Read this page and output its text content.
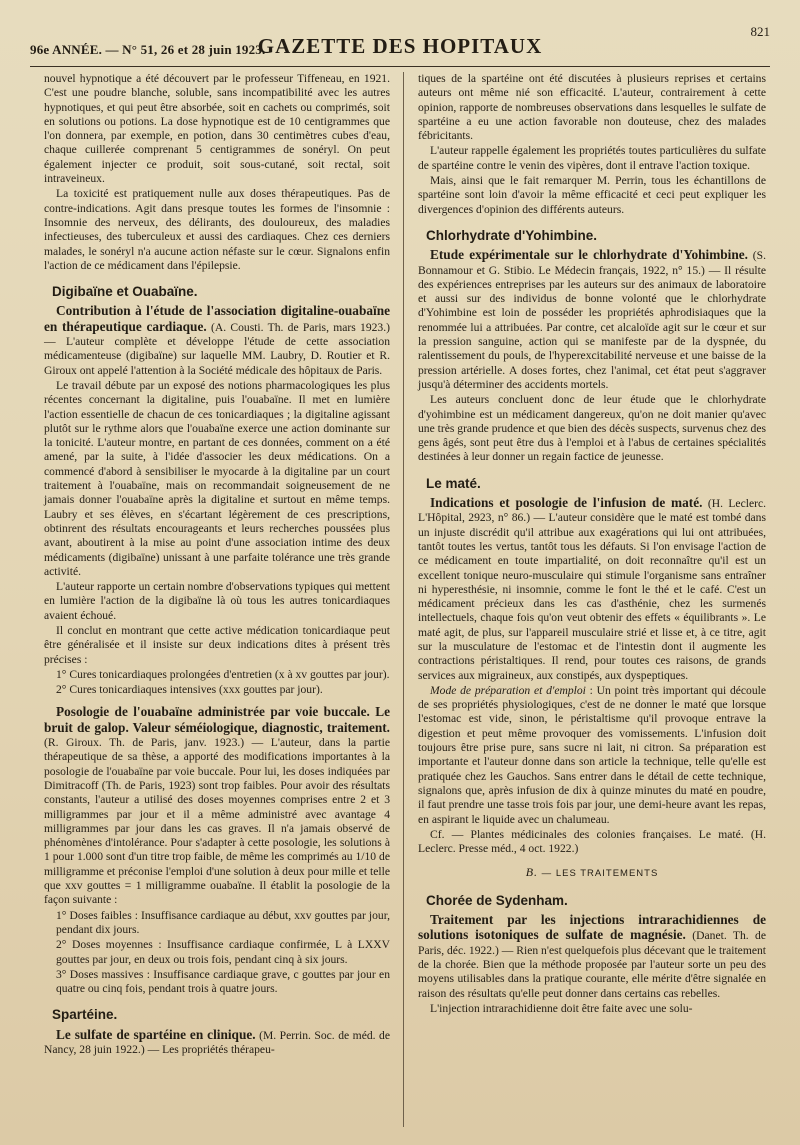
96e ANNÉE. — N° 51, 26 et 28 juin 1923.
GAZETTE DES HOPITAUX
821

nouvel hypnotique a été découvert par le professeur Tiffeneau, en 1921. C'est une poudre blanche, soluble, sans incompatibilité avec les autres hypnotiques, et qui peut être absorbée, soit en cachets ou comprimés, soit en solutions ou potions. La dose hypnotique est de 10 centigrammes que l'on donnera, par exemple, en potion, dans 30 centimètres cubes d'eau, chaque cuillerée comprenant 5 centigrammes de sonéryl. On peut également injecter ce produit, soit sous-cutané, soit rectal, soit intraveineux.

La toxicité est pratiquement nulle aux doses thérapeutiques. Pas de contre-indications. Agit dans presque toutes les formes de l'insomnie : Insomnie des nerveux, des délirants, des douloureux, des maladies infectieuses, des tuberculeux et aussi des cardiaques. Chez ces derniers malades, le sonéryl n'a aucune action néfaste sur le cœur. Signalons enfin l'action de ce médicament dans l'épilepsie.

Digibaïne et Ouabaïne.

Contribution à l'étude de l'association digitaline-ouabaïne en thérapeutique cardiaque. (A. Cousti. Th. de Paris, mars 1923.) — L'auteur complète et développe l'étude de cette association médicamenteuse (digibaïne) sur laquelle MM. Laubry, D. Routier et R. Giroux ont appelé l'attention à la Société médicale des hôpitaux de Paris.

Le travail débute par un exposé des notions pharmacologiques les plus récentes concernant la digitaline, puis l'ouabaïne. Il met en lumière l'action essentielle de chacun de ces tonicardiaques ; la digitaline agissant plutôt sur le rythme alors que l'ouabaïne exerce une action dominante sur la tonicité. L'auteur montre, en partant de ces données, comment on a été amené, par la suite, à l'idée d'associer les deux médications. On a commencé d'abord à sensibiliser le myocarde à la digitaline par un court traitement à l'ouabaïne, mais on recommandait soigneusement de ne jamais donner l'ouabaïne après la digitaline et surtout en même temps. Laubry et ses élèves, en s'écartant légèrement de ces prescriptions, obtinrent des résultats encourageants et leurs recherches poussées plus avant, aboutirent à la mise au point d'une association intime des deux médicaments (digibaïne) unissant à une parfaite tolérance une très grande activité.

L'auteur rapporte un certain nombre d'observations typiques qui mettent en lumière l'action de la digibaïne là où tous les autres tonicardiaques avaient échoué.

Il conclut en montrant que cette active médication tonicardiaque peut être généralisée et il insiste sur deux indications dites à présent très précises :

1° Cures tonicardiaques prolongées d'entretien (x à xv gouttes par jour).

2° Cures tonicardiaques intensives (xxx gouttes par jour).

Posologie de l'ouabaïne administrée par voie buccale. Le bruit de galop. Valeur séméiologique, diagnostic, traitement. (R. Giroux. Th. de Paris, janv. 1923.) — L'auteur, dans la partie thérapeutique de sa thèse, a apporté des modifications importantes à la posologie de l'ouabaïne par voie buccale. Pour lui, les doses indiquées par Dimitracoff (Th. de Paris, 1923) sont trop faibles. Pour avoir des résultats constants, l'auteur a utilisé des doses moyennes comprises entre 2 et 3 milligrammes par jour et il a même administré avec avantage 4 milligrammes par jour dans les cas graves. Il n'a jamais observé de phénomènes d'intolérance. Pour s'adapter à cette posologie, les solutions à 1 pour 1.000 sont d'un titre trop faible, de même les comprimés au 1/10 de milligramme et préconise l'emploi d'une solution à deux pour mille et telle que xxv gouttes = 1 milligramme ouabaïne. Il établit la posologie de la façon suivante :

1° Doses faibles : Insuffisance cardiaque au début, xxv gouttes par jour, pendant dix jours.

2° Doses moyennes : Insuffisance cardiaque confirmée, L à LXXV gouttes par jour, en deux ou trois fois, pendant cinq à six jours.

3° Doses massives : Insuffisance cardiaque grave, c gouttes par jour en quatre ou cinq fois, pendant trois à quatre jours.

Spartéine.

Le sulfate de spartéine en clinique. (M. Perrin. Soc. de méd. de Nancy, 28 juin 1922.) — Les propriétés thérapeu-

tiques de la spartéine ont été discutées à plusieurs reprises et certains auteurs ont même nié son efficacité. L'auteur, contrairement à cette opinion, rapporte de nombreuses observations dans lesquelles le sulfate de spartéine a eu une action favorable non douteuse, chez des malades fébricitants.

L'auteur rappelle également les propriétés toutes particulières du sulfate de spartéine contre le venin des vipères, dont il entrave l'action toxique.

Mais, ainsi que le fait remarquer M. Perrin, tous les échantillons de spartéine sont loin d'avoir la même efficacité et ceci peut expliquer les divergences d'opinion des différents auteurs.

Chlorhydrate d'Yohimbine.

Etude expérimentale sur le chlorhydrate d'Yohimbine. (S. Bonnamour et G. Stibio. Le Médecin français, 1922, n° 15.) — Il résulte des expériences entreprises par les auteurs sur des animaux de laboratoire et aussi sur des individus de bonne volonté que le chlorhydrate d'Yohimbine est loin de posséder les propriétés aphrodisiaques que la renommée lui a attribuées. Par contre, cet alcaloïde agit sur le cœur et sur la pression sanguine, action qui se manifeste par de la dyspnée, du ralentissement du pouls, de l'hyperexcitabilité nerveuse et une baisse de la pression artérielle. A doses fortes, chez l'animal, cet état peut s'aggraver jusqu'à déterminer des accidents mortels.

Les auteurs concluent donc de leur étude que le chlorhydrate d'yohimbine est un médicament dangereux, qu'on ne doit manier qu'avec une très grande prudence et que bien des décès suspects, survenus chez des gens âgés, sont peut être dus à l'emploi et à l'abus de certaines spécialités destinées à leur donner un regain factice de jeunesse.

Le maté.

Indications et posologie de l'infusion de maté. (H. Leclerc. L'Hôpital, 2923, n° 86.) — L'auteur considère que le maté est tombé dans un injuste discrédit qu'il attribue aux exagérations qui lui ont attribuées, tantôt toutes les vertus, tantôt tous les défauts. Si l'on envisage l'action de ce médicament en toute impartialité, on doit reconnaître qu'il est un excellent tonique neuro-musculaire qui stimule l'organisme sans entraîner ni hyperesthésie, ni insomnie, comme le font le thé et le café. C'est un médicament précieux dans les cas d'asthénie, chez les surmenés intellectuels, chaque fois qu'on veut obtenir des effets « équilibrants ». Le maté agit, de plus, sur l'appareil musculaire strié et lisse et, à ce titre, agit sur la musculature de l'estomac et de l'intestin dont il augmente les contractions péristaltiques. Il rend, pour toutes ces raisons, de grands services aux migraineux, aux constipés, aux dyspeptiques.

Mode de préparation et d'emploi : Un point très important qui découle de ses propriétés physiologiques, c'est de ne donner le maté que lorsque l'estomac est vide, sinon, le péristaltisme qu'il provoque entrave la digestion et peut même provoquer des vomissements. L'infusion doit toujours être prise pure, sans sucre ni lait, ni citron. Sa préparation est importante et l'auteur donne dans son article la technique, telle qu'elle est pratiquée chez les Gauchos. Sans entrer dans le détail de cette technique, signalons que, après infusion de dix à quinze minutes du maté en poudre, il faut prendre une tasse trois fois par jour, une demi-heure avant les repas, en aspirant le liquide avec un chalumeau.

Cf. — Plantes médicinales des colonies françaises. Le maté. (H. Leclerc. Presse méd., 4 oct. 1922.)

B. — LES TRAITEMENTS
Chorée de Sydenham.

Traitement par les injections intrarachidiennes de solutions isotoniques de sulfate de magnésie. (Danet. Th. de Paris, déc. 1922.) — Rien n'est quelquefois plus décevant que le traitement de la chorée. Bien que la méthode proposée par l'auteur sorte un peu des moyens utilisables dans la pratique courante, elle mérite d'être signalée en raison des résultats qu'elle peut donner dans certains cas rebelles.

L'injection intrarachidienne doit être faite avec une solu-
